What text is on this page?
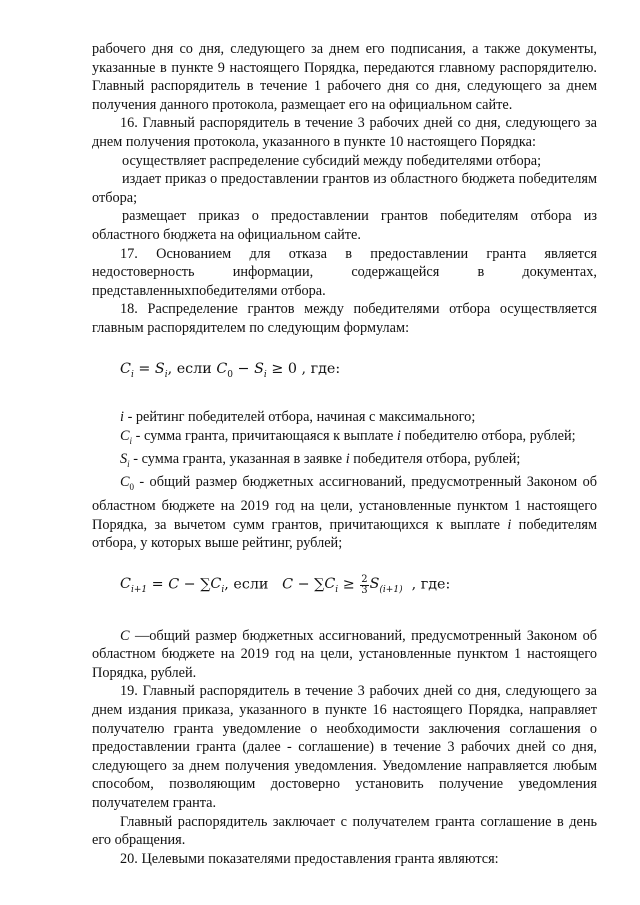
рабочего дня со дня, следующего за днем его подписания, а также документы, указанные в пункте 9 настоящего Порядка, передаются главному распорядителю. Главный распорядитель в течение 1 рабочего дня со дня, следующего за днем получения данного протокола, размещает его на официальном сайте.

16. Главный распорядитель в течение 3 рабочих дней со дня, следующего за днем получения протокола, указанного в пункте 10 настоящего Порядка:

осуществляет распределение субсидий между победителями отбора;

издает приказ о предоставлении грантов из областного бюджета победителям отбора;

размещает приказ о предоставлении грантов победителям отбора из областного бюджета на официальном сайте.

17. Основанием для отказа в предоставлении гранта является недостоверность информации, содержащейся в документах, представленныхпобедителями отбора.

18. Распределение грантов между победителями отбора осуществляется главным распорядителем по следующим формулам:

$C_i = S_i$, если $C_0 - S_i \ge 0$ , где:

i - рейтинг победителей отбора, начиная с максимального;

$C_i$ - сумма гранта, причитающаяся к выплате i победителю отбора, рублей;

$S_i$ - сумма гранта, указанная в заявке i победителя отбора, рублей;

$C_0$ - общий размер бюджетных ассигнований, предусмотренный Законом об областном бюджете на 2019 год на цели, установленные пунктом 1 настоящего Порядка, за вычетом сумм грантов, причитающихся к выплате i победителям отбора, у которых выше рейтинг, рублей;

$C_{i+1} = C - \sum C_i$, если $C - \sum C_i \ge \frac{2}{3} S_{(i+1)}$ , где:

C —общий размер бюджетных ассигнований, предусмотренный Законом об областном бюджете на 2019 год на цели, установленные пунктом 1 настоящего Порядка, рублей.

19. Главный распорядитель в течение 3 рабочих дней со дня, следующего за днем издания приказа, указанного в пункте 16 настоящего Порядка, направляет получателю гранта уведомление о необходимости заключения соглашения о предоставлении гранта (далее - соглашение) в течение 3 рабочих дней со дня, следующего за днем получения уведомления. Уведомление направляется любым способом, позволяющим достоверно установить получение уведомления получателем гранта.

Главный распорядитель заключает с получателем гранта соглашение в день его обращения.

20. Целевыми показателями предоставления гранта являются:
